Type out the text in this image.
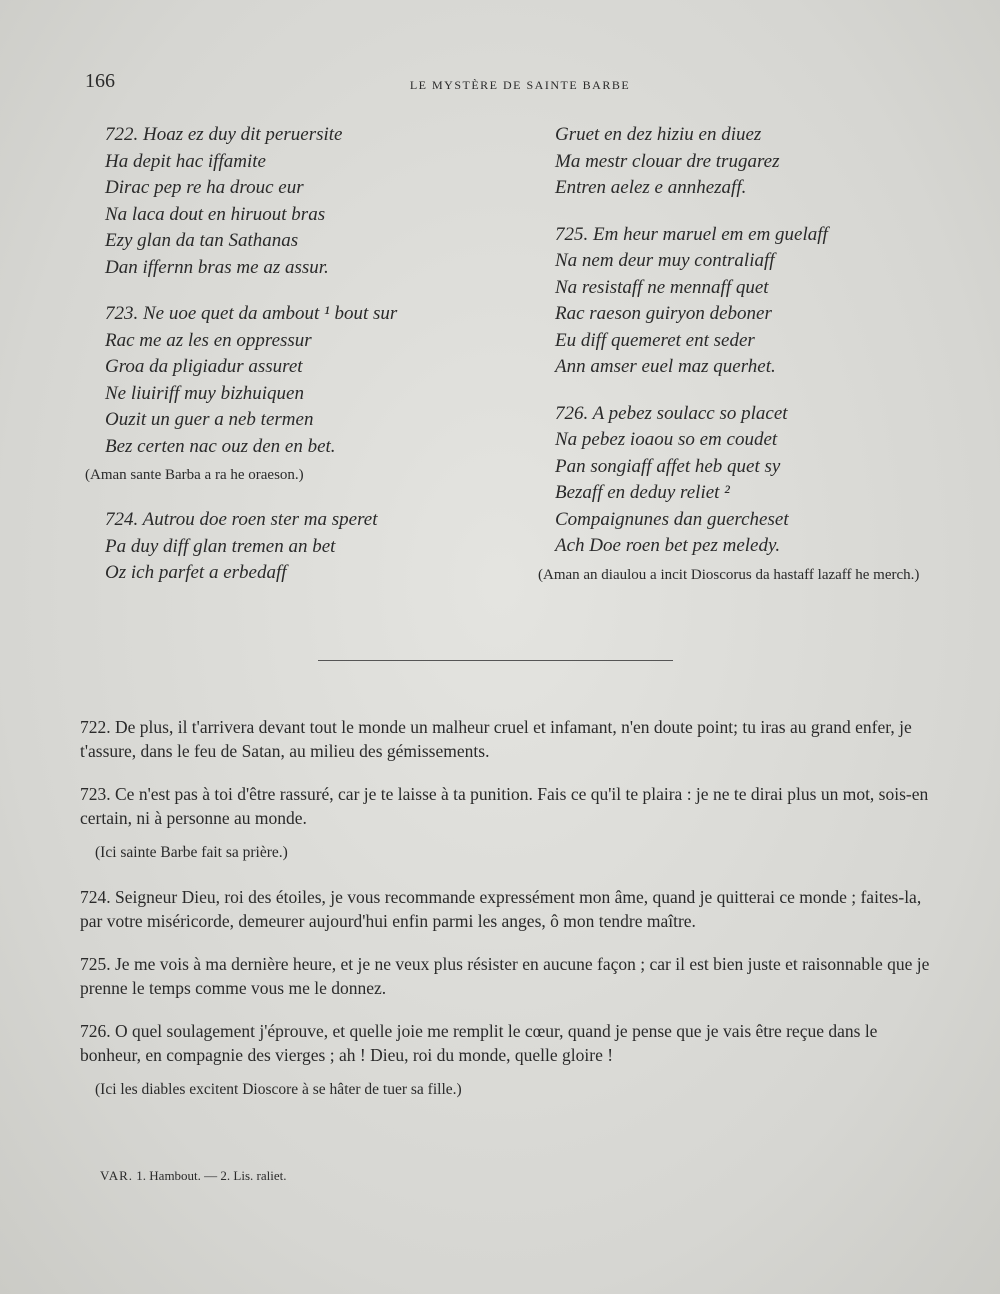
166	LE MYSTÈRE DE SAINTE BARBE
722. Hoaz ez duy dit peruersite
Ha depit hac iffamite
Dirac pep re ha drouc eur
Na laca dout en hiruout bras
Ezy glan da tan Sathanas
Dan iffernn bras me az assur.
723. Ne uoe quet da ambout ¹ bout sur
Rac me az les en oppressur
Groa da pligiadur assuret
Ne liuiriff muy bizhuiquen
Ouzit un guer a neb termen
Bez certen nac ouz den en bet.
(Aman sante Barba a ra he oraeson.)
724. Autrou doe roen ster ma speret
Pa duy diff glan tremen an bet
Oz ich parfet a erbedaff
Gruet en dez hiziu en diuez
Ma mestr clouar dre trugarez
Entren aelez e annhezaff.
725. Em heur maruel em em guelaff
Na nem deur muy contraliaff
Na resistaff ne mennaff quet
Rac raeson guiryon deboner
Eu diff quemeret ent seder
Ann amser euel maz querhet.
726. A pebez soulacc so placet
Na pebez ioaou so em coudet
Pan songiaff affet heb quet sy
Bezaff en deduy reliet ²
Compaignunes dan guercheset
Ach Doe roen bet pez meledy.
(Aman an diaulou a incit Dioscorus da hastaff lazaff he merch.)

722. De plus, il t'arrivera devant tout le monde un malheur cruel et infamant, n'en doute point; tu iras au grand enfer, je t'assure, dans le feu de Satan, au milieu des gémissements.

723. Ce n'est pas à toi d'être rassuré, car je te laisse à ta punition. Fais ce qu'il te plaira : je ne te dirai plus un mot, sois-en certain, ni à personne au monde.

(Ici sainte Barbe fait sa prière.)

724. Seigneur Dieu, roi des étoiles, je vous recommande expressément mon âme, quand je quitterai ce monde ; faites-la, par votre miséricorde, demeurer aujourd'hui enfin parmi les anges, ô mon tendre maître.

725. Je me vois à ma dernière heure, et je ne veux plus résister en aucune façon ; car il est bien juste et raisonnable que je prenne le temps comme vous me le donnez.

726. O quel soulagement j'éprouve, et quelle joie me remplit le cœur, quand je pense que je vais être reçue dans le bonheur, en compagnie des vierges ; ah ! Dieu, roi du monde, quelle gloire !

(Ici les diables excitent Dioscore à se hâter de tuer sa fille.)

VAR. 1. Hambout. — 2. Lis. raliet.
